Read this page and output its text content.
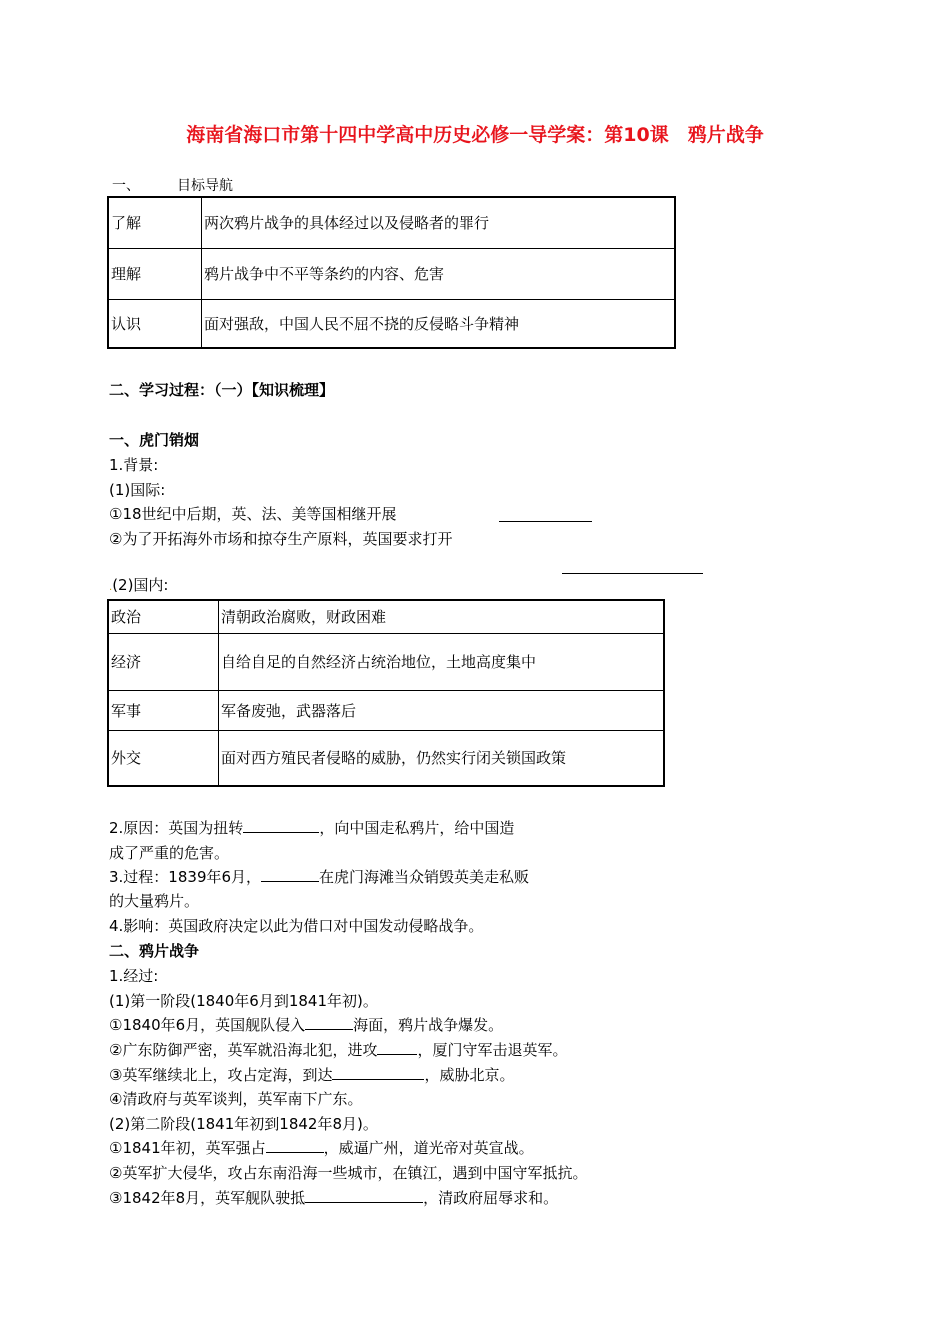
海南省海口市第十四中学高中历史必修一导学案：第10课　鸦片战争
一、	目标导航
了解	两次鸦片战争的具体经过以及侵略者的罪行
理解	鸦片战争中不平等条约的内容、危害
认识	面对强敌，中国人民不屈不挠的反侵略斗争精神
二、学习过程：（一）【知识梳理】
一、虎门销烟
1.背景:
(1)国际:
①18世纪中后期，英、法、美等国相继开展
②为了开拓海外市场和掠夺生产原料，英国要求打开
.(2)国内:
政治	清朝政治腐败，财政困难
经济	自给自足的自然经济占统治地位，土地高度集中
军事	军备废弛，武器落后
外交	面对西方殖民者侵略的威胁，仍然实行闭关锁国政策
2.原因：英国为扭转	，向中国走私鸦片，给中国造
成了严重的危害。
3.过程：1839年6月，	在虎门海滩当众销毁英美走私贩
的大量鸦片。
4.影响：英国政府决定以此为借口对中国发动侵略战争。
二、鸦片战争
1.经过:
(1)第一阶段(1840年6月到1841年初)。
①1840年6月，英国舰队侵入	海面，鸦片战争爆发。
②广东防御严密，英军就沿海北犯，进攻	，厦门守军击退英军。
③英军继续北上，攻占定海，到达	，威胁北京。
④清政府与英军谈判，英军南下广东。
(2)第二阶段(1841年初到1842年8月)。
①1841年初，英军强占	，威逼广州，道光帝对英宣战。
②英军扩大侵华，攻占东南沿海一些城市，在镇江，遇到中国守军抵抗。
③1842年8月，英军舰队驶抵	，清政府屈辱求和。
